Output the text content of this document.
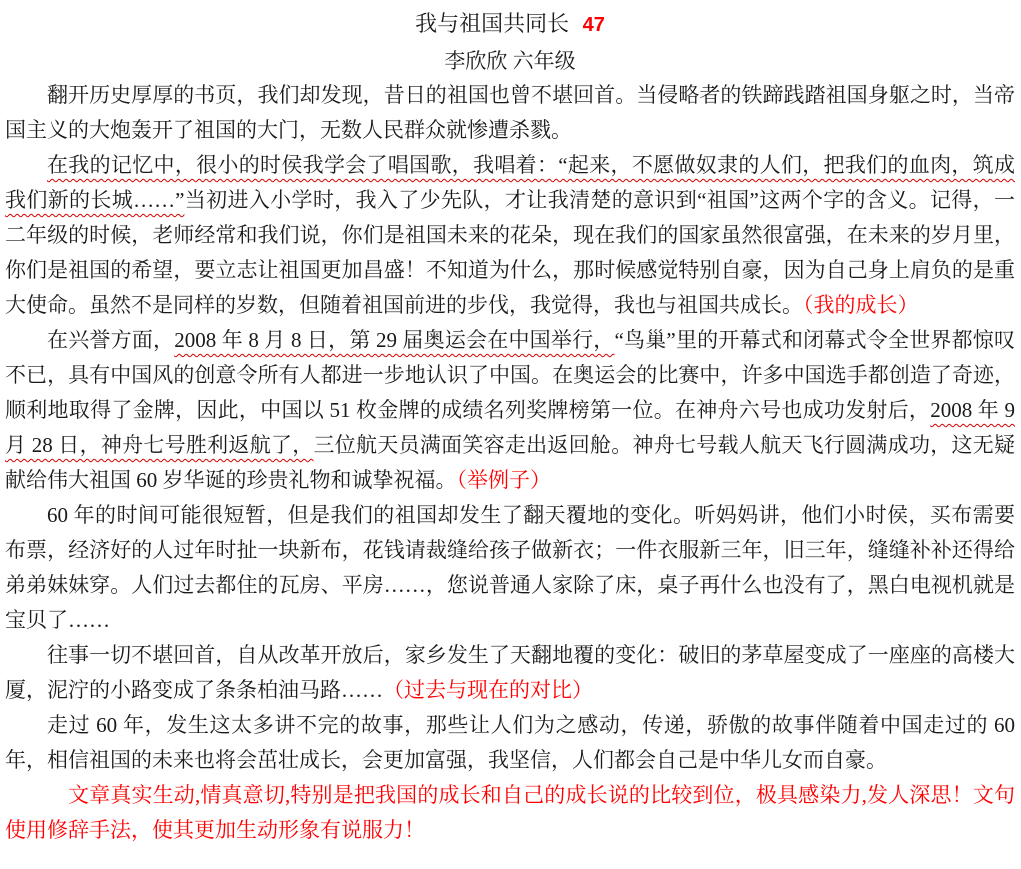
我与祖国共同长 47
李欣欣 六年级

翻开历史厚厚的书页，我们却发现，昔日的祖国也曾不堪回首。当侵略者的铁蹄践踏祖国身躯之时，当帝国主义的大炮轰开了祖国的大门，无数人民群众就惨遭杀戮。

在我的记忆中，很小的时侯我学会了唱国歌，我唱着：“起来，不愿做奴隶的人们，把我们的血肉，筑成我们新的长城……”当初进入小学时，我入了少先队，才让我清楚的意识到“祖国”这两个字的含义。记得，一二年级的时候，老师经常和我们说，你们是祖国未来的花朵，现在我们的国家虽然很富强，在未来的岁月里，你们是祖国的希望，要立志让祖国更加昌盛！不知道为什么，那时候感觉特别自豪，因为自己身上肩负的是重大使命。虽然不是同样的岁数，但随着祖国前进的步伐，我觉得，我也与祖国共成长。（我的成长）

在兴誉方面，2008 年 8 月 8 日，第 29 届奥运会在中国举行，“鸟巢”里的开幕式和闭幕式令全世界都惊叹不已，具有中国风的创意令所有人都进一步地认识了中国。在奥运会的比赛中，许多中国选手都创造了奇迹，顺利地取得了金牌，因此，中国以 51 枚金牌的成绩名列奖牌榜第一位。在神舟六号也成功发射后，2008 年 9 月 28 日，神舟七号胜利返航了，三位航天员满面笑容走出返回舱。神舟七号载人航天飞行圆满成功，这无疑献给伟大祖国 60 岁华诞的珍贵礼物和诚挚祝福。（举例子）

60 年的时间可能很短暂，但是我们的祖国却发生了翻天覆地的变化。听妈妈讲，他们小时侯，买布需要布票，经济好的人过年时扯一块新布，花钱请裁缝给孩子做新衣；一件衣服新三年，旧三年，缝缝补补还得给弟弟妹妹穿。人们过去都住的瓦房、平房……，您说普通人家除了床，桌子再什么也没有了，黑白电视机就是宝贝了……

往事一切不堪回首，自从改革开放后，家乡发生了天翻地覆的变化：破旧的茅草屋变成了一座座的高楼大厦，泥泞的小路变成了条条柏油马路……（过去与现在的对比）

走过 60 年，发生这太多讲不完的故事，那些让人们为之感动，传递，骄傲的故事伴随着中国走过的 60 年，相信祖国的未来也将会茁壮成长，会更加富强，我坚信，人们都会自己是中华儿女而自豪。

文章真实生动,情真意切,特别是把我国的成长和自己的成长说的比较到位，极具感染力,发人深思！文句使用修辞手法，使其更加生动形象有说服力！
